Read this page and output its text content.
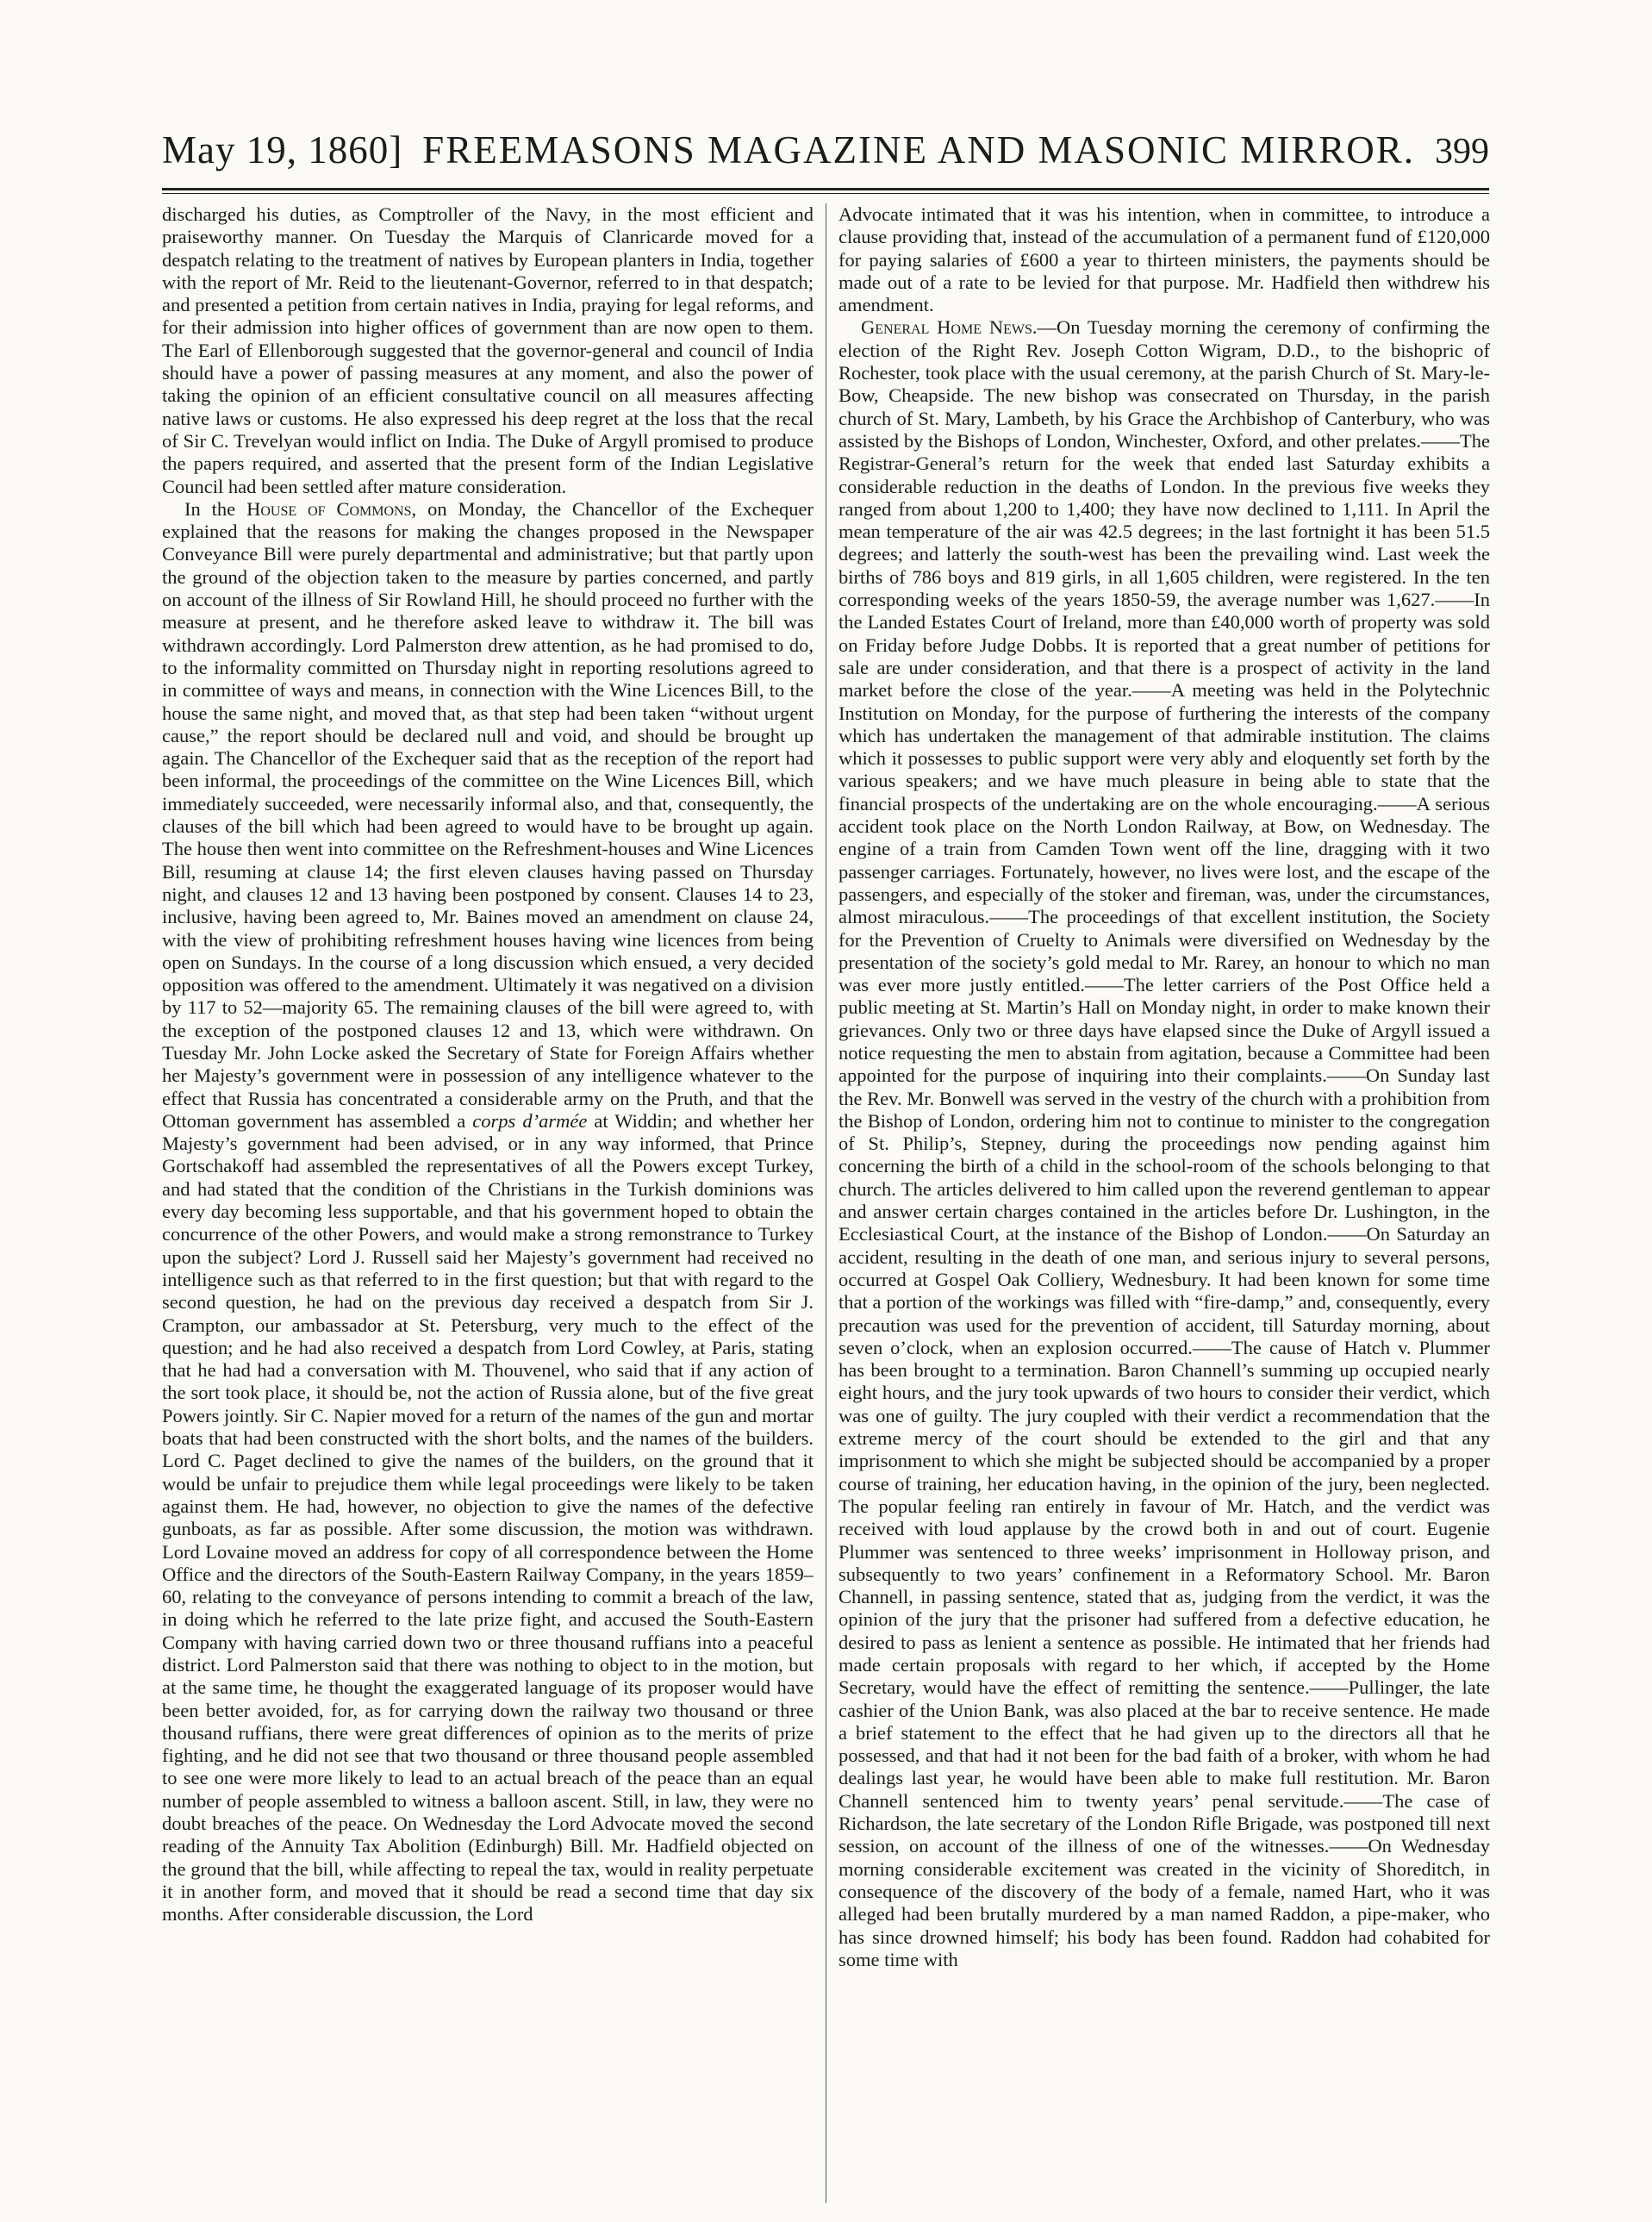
May 19, 1860] FREEMASONS MAGAZINE AND MASONIC MIRROR. 399

discharged his duties, as Comptroller of the Navy, in the most efficient and praiseworthy manner. On Tuesday the Marquis of Clanricarde moved for a despatch relating to the treatment of natives by European planters in India, together with the report of Mr. Reid to the lieutenant-Governor, referred to in that despatch; and presented a petition from certain natives in India, praying for legal reforms, and for their admission into higher offices of government than are now open to them. The Earl of Ellenborough suggested that the governor-general and council of India should have a power of passing measures at any moment, and also the power of taking the opinion of an efficient consultative council on all measures affecting native laws or customs. He also expressed his deep regret at the loss that the recal of Sir C. Trevelyan would inflict on India. The Duke of Argyll promised to produce the papers required, and asserted that the present form of the Indian Legislative Council had been settled after mature consideration.

In the House of Commons, on Monday, the Chancellor of the Exchequer explained that the reasons for making the changes proposed in the Newspaper Conveyance Bill were purely departmental and administrative; but that partly upon the ground of the objection taken to the measure by parties concerned, and partly on account of the illness of Sir Rowland Hill, he should proceed no further with the measure at present, and he therefore asked leave to withdraw it. The bill was withdrawn accordingly. Lord Palmerston drew attention, as he had promised to do, to the informality committed on Thursday night in reporting resolutions agreed to in committee of ways and means, in connection with the Wine Licences Bill, to the house the same night, and moved that, as that step had been taken “without urgent cause,” the report should be declared null and void, and should be brought up again. The Chancellor of the Exchequer said that as the reception of the report had been informal, the proceedings of the committee on the Wine Licences Bill, which immediately succeeded, were necessarily informal also, and that, consequently, the clauses of the bill which had been agreed to would have to be brought up again. The house then went into committee on the Refreshment-houses and Wine Licences Bill, resuming at clause 14; the first eleven clauses having passed on Thursday night, and clauses 12 and 13 having been postponed by consent. Clauses 14 to 23, inclusive, having been agreed to, Mr. Baines moved an amendment on clause 24, with the view of prohibiting refreshment houses having wine licences from being open on Sundays. In the course of a long discussion which ensued, a very decided opposition was offered to the amendment. Ultimately it was negatived on a division by 117 to 52—majority 65. The remaining clauses of the bill were agreed to, with the exception of the postponed clauses 12 and 13, which were withdrawn. On Tuesday Mr. John Locke asked the Secretary of State for Foreign Affairs whether her Majesty’s government were in possession of any intelligence whatever to the effect that Russia has concentrated a considerable army on the Pruth, and that the Ottoman government has assembled a corps d’armée at Widdin; and whether her Majesty’s government had been advised, or in any way informed, that Prince Gortschakoff had assembled the representatives of all the Powers except Turkey, and had stated that the condition of the Christians in the Turkish dominions was every day becoming less supportable, and that his government hoped to obtain the concurrence of the other Powers, and would make a strong remonstrance to Turkey upon the subject? Lord J. Russell said her Majesty’s government had received no intelligence such as that referred to in the first question; but that with regard to the second question, he had on the previous day received a despatch from Sir J. Crampton, our ambassador at St. Petersburg, very much to the effect of the question; and he had also received a despatch from Lord Cowley, at Paris, stating that he had had a conversation with M. Thouvenel, who said that if any action of the sort took place, it should be, not the action of Russia alone, but of the five great Powers jointly. Sir C. Napier moved for a return of the names of the gun and mortar boats that had been constructed with the short bolts, and the names of the builders. Lord C. Paget declined to give the names of the builders, on the ground that it would be unfair to prejudice them while legal proceedings were likely to be taken against them. He had, however, no objection to give the names of the defective gunboats, as far as possible. After some discussion, the motion was withdrawn. Lord Lovaine moved an address for copy of all correspondence between the Home Office and the directors of the South-Eastern Railway Company, in the years 1859–60, relating to the conveyance of persons intending to commit a breach of the law, in doing which he referred to the late prize fight, and accused the South-Eastern Company with having carried down two or three thousand ruffians into a peaceful district. Lord Palmerston said that there was nothing to object to in the motion, but at the same time, he thought the exaggerated language of its proposer would have been better avoided, for, as for carrying down the railway two thousand or three thousand ruffians, there were great differences of opinion as to the merits of prize fighting, and he did not see that two thousand or three thousand people assembled to see one were more likely to lead to an actual breach of the peace than an equal number of people assembled to witness a balloon ascent. Still, in law, they were no doubt breaches of the peace. On Wednesday the Lord Advocate moved the second reading of the Annuity Tax Abolition (Edinburgh) Bill. Mr. Hadfield objected on the ground that the bill, while affecting to repeal the tax, would in reality perpetuate it in another form, and moved that it should be read a second time that day six months. After considerable discussion, the Lord

Advocate intimated that it was his intention, when in committee, to introduce a clause providing that, instead of the accumulation of a permanent fund of £120,000 for paying salaries of £600 a year to thirteen ministers, the payments should be made out of a rate to be levied for that purpose. Mr. Hadfield then withdrew his amendment.

General Home News.—On Tuesday morning the ceremony of confirming the election of the Right Rev. Joseph Cotton Wigram, D.D., to the bishopric of Rochester, took place with the usual ceremony, at the parish Church of St. Mary-le-Bow, Cheapside. The new bishop was consecrated on Thursday, in the parish church of St. Mary, Lambeth, by his Grace the Archbishop of Canterbury, who was assisted by the Bishops of London, Winchester, Oxford, and other prelates.——The Registrar-General’s return for the week that ended last Saturday exhibits a considerable reduction in the deaths of London. In the previous five weeks they ranged from about 1,200 to 1,400; they have now declined to 1,111. In April the mean temperature of the air was 42.5 degrees; in the last fortnight it has been 51.5 degrees; and latterly the south-west has been the prevailing wind. Last week the births of 786 boys and 819 girls, in all 1,605 children, were registered. In the ten corresponding weeks of the years 1850-59, the average number was 1,627.——In the Landed Estates Court of Ireland, more than £40,000 worth of property was sold on Friday before Judge Dobbs. It is reported that a great number of petitions for sale are under consideration, and that there is a prospect of activity in the land market before the close of the year.——A meeting was held in the Polytechnic Institution on Monday, for the purpose of furthering the interests of the company which has undertaken the management of that admirable institution. The claims which it possesses to public support were very ably and eloquently set forth by the various speakers; and we have much pleasure in being able to state that the financial prospects of the undertaking are on the whole encouraging.——A serious accident took place on the North London Railway, at Bow, on Wednesday. The engine of a train from Camden Town went off the line, dragging with it two passenger carriages. Fortunately, however, no lives were lost, and the escape of the passengers, and especially of the stoker and fireman, was, under the circumstances, almost miraculous.——The proceedings of that excellent institution, the Society for the Prevention of Cruelty to Animals were diversified on Wednesday by the presentation of the society’s gold medal to Mr. Rarey, an honour to which no man was ever more justly entitled.——The letter carriers of the Post Office held a public meeting at St. Martin’s Hall on Monday night, in order to make known their grievances. Only two or three days have elapsed since the Duke of Argyll issued a notice requesting the men to abstain from agitation, because a Committee had been appointed for the purpose of inquiring into their complaints.——On Sunday last the Rev. Mr. Bonwell was served in the vestry of the church with a prohibition from the Bishop of London, ordering him not to continue to minister to the congregation of St. Philip’s, Stepney, during the proceedings now pending against him concerning the birth of a child in the school-room of the schools belonging to that church. The articles delivered to him called upon the reverend gentleman to appear and answer certain charges contained in the articles before Dr. Lushington, in the Ecclesiastical Court, at the instance of the Bishop of London.——On Saturday an accident, resulting in the death of one man, and serious injury to several persons, occurred at Gospel Oak Colliery, Wednesbury. It had been known for some time that a portion of the workings was filled with “fire-damp,” and, consequently, every precaution was used for the prevention of accident, till Saturday morning, about seven o’clock, when an explosion occurred.——The cause of Hatch v. Plummer has been brought to a termination. Baron Channell’s summing up occupied nearly eight hours, and the jury took upwards of two hours to consider their verdict, which was one of guilty. The jury coupled with their verdict a recommendation that the extreme mercy of the court should be extended to the girl and that any imprisonment to which she might be subjected should be accompanied by a proper course of training, her education having, in the opinion of the jury, been neglected. The popular feeling ran entirely in favour of Mr. Hatch, and the verdict was received with loud applause by the crowd both in and out of court. Eugenie Plummer was sentenced to three weeks’ imprisonment in Holloway prison, and subsequently to two years’ confinement in a Reformatory School. Mr. Baron Channell, in passing sentence, stated that as, judging from the verdict, it was the opinion of the jury that the prisoner had suffered from a defective education, he desired to pass as lenient a sentence as possible. He intimated that her friends had made certain proposals with regard to her which, if accepted by the Home Secretary, would have the effect of remitting the sentence.——Pullinger, the late cashier of the Union Bank, was also placed at the bar to receive sentence. He made a brief statement to the effect that he had given up to the directors all that he possessed, and that had it not been for the bad faith of a broker, with whom he had dealings last year, he would have been able to make full restitution. Mr. Baron Channell sentenced him to twenty years’ penal servitude.——The case of Richardson, the late secretary of the London Rifle Brigade, was postponed till next session, on account of the illness of one of the witnesses.——On Wednesday morning considerable excitement was created in the vicinity of Shoreditch, in consequence of the discovery of the body of a female, named Hart, who it was alleged had been brutally murdered by a man named Raddon, a pipe-maker, who has since drowned himself; his body has been found. Raddon had cohabited for some time with
